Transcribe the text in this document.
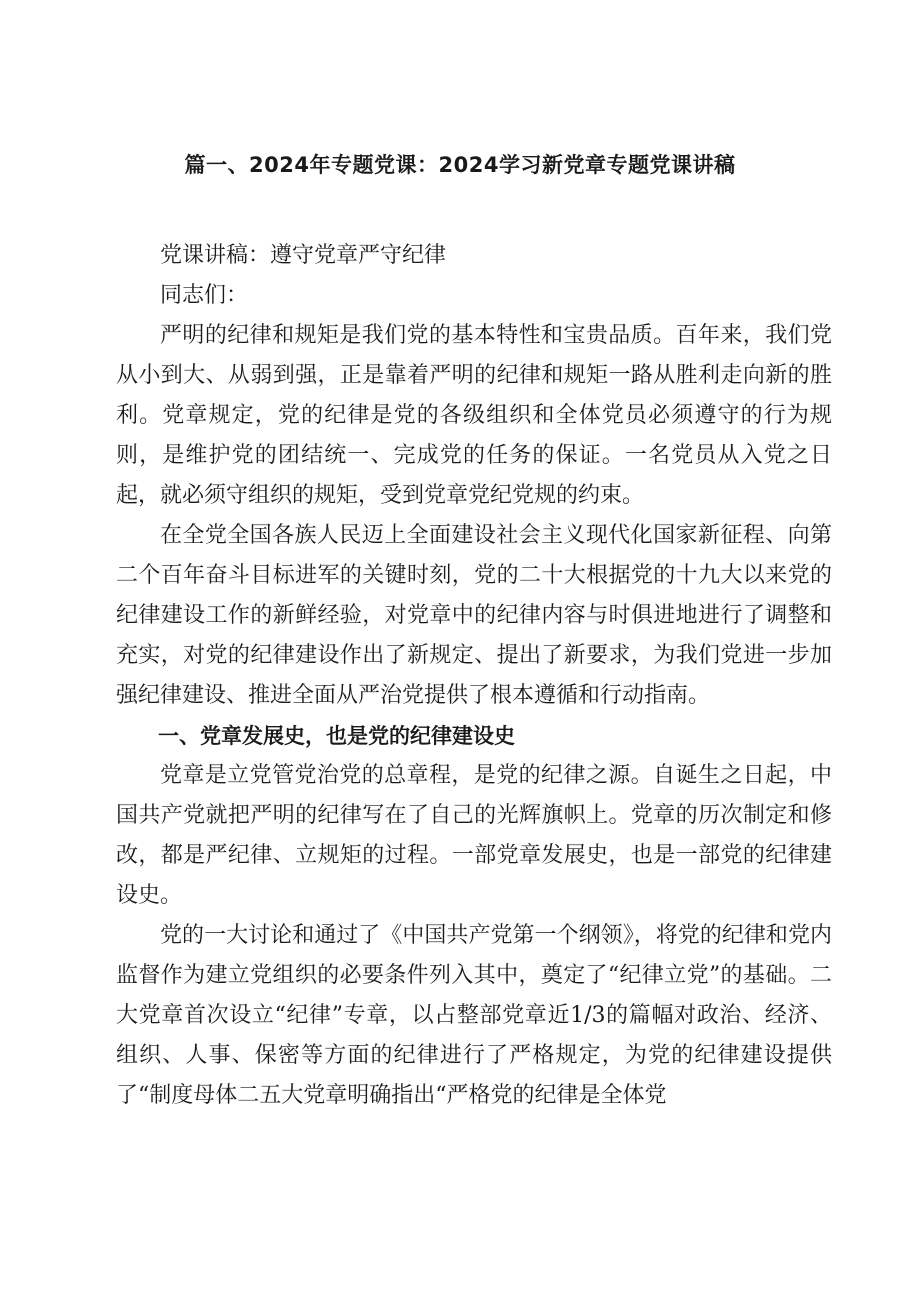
篇一、2024年专题党课：2024学习新党章专题党课讲稿

党课讲稿：遵守党章严守纪律

同志们：

严明的纪律和规矩是我们党的基本特性和宝贵品质。百年来，我们党从小到大、从弱到强，正是靠着严明的纪律和规矩一路从胜利走向新的胜利。党章规定，党的纪律是党的各级组织和全体党员必须遵守的行为规则，是维护党的团结统一、完成党的任务的保证。一名党员从入党之日起，就必须守组织的规矩，受到党章党纪党规的约束。

在全党全国各族人民迈上全面建设社会主义现代化国家新征程、向第二个百年奋斗目标进军的关键时刻，党的二十大根据党的十九大以来党的纪律建设工作的新鲜经验，对党章中的纪律内容与时俱进地进行了调整和充实，对党的纪律建设作出了新规定、提出了新要求，为我们党进一步加强纪律建设、推进全面从严治党提供了根本遵循和行动指南。

一、党章发展史，也是党的纪律建设史

党章是立党管党治党的总章程，是党的纪律之源。自诞生之日起，中国共产党就把严明的纪律写在了自己的光辉旗帜上。党章的历次制定和修改，都是严纪律、立规矩的过程。一部党章发展史，也是一部党的纪律建设史。

党的一大讨论和通过了《中国共产党第一个纲领》，将党的纪律和党内监督作为建立党组织的必要条件列入其中，奠定了“纪律立党”的基础。二大党章首次设立“纪律”专章，以占整部党章近1/3的篇幅对政治、经济、组织、人事、保密等方面的纪律进行了严格规定，为党的纪律建设提供了“制度母体二五大党章明确指出“严格党的纪律是全体党
